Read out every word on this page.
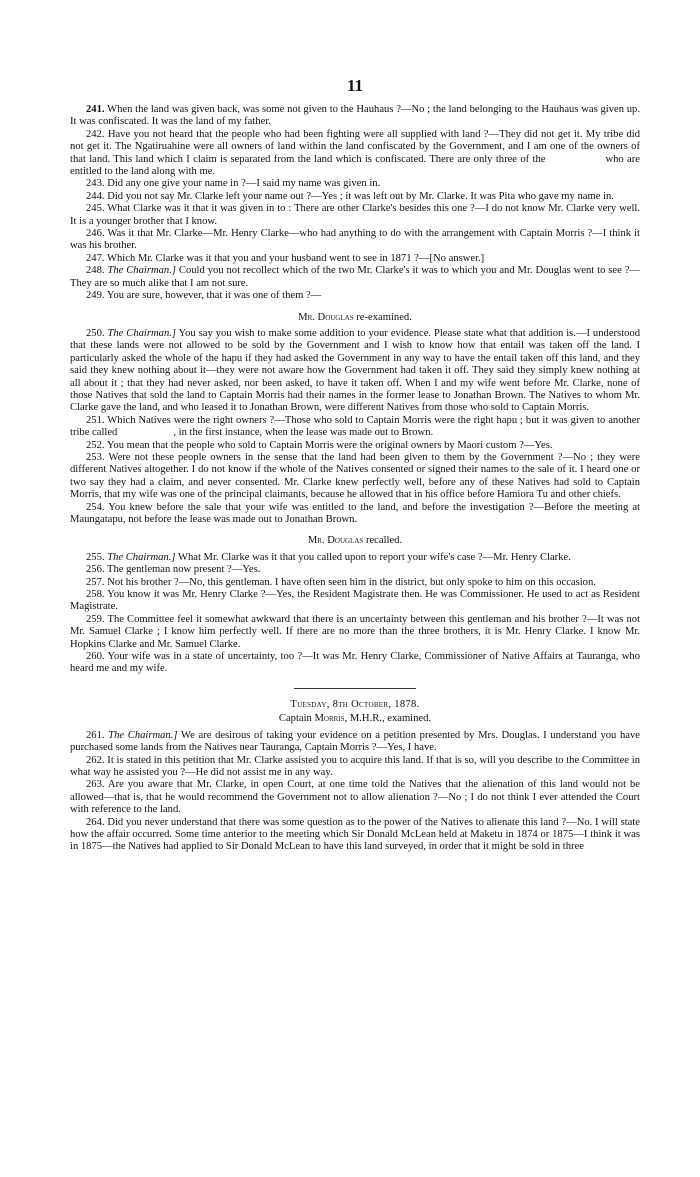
11

241. When the land was given back, was some not given to the Hauhaus ?—No ; the land belonging to the Hauhaus was given up. It was confiscated. It was the land of my father.

242. Have you not heard that the people who had been fighting were all supplied with land ?—They did not get it. My tribe did not get it. The Ngatiruahine were all owners of land within the land confiscated by the Government, and I am one of the owners of that land. This land which I claim is separated from the land which is confiscated. There are only three of the	who are entitled to the land along with me.

243. Did any one give your name in ?—I said my name was given in.

244. Did you not say Mr. Clarke left your name out ?—Yes ; it was left out by Mr. Clarke. It was Pita who gave my name in.

245. What Clarke was it that it was given in to : There are other Clarke's besides this one ?—I do not know Mr. Clarke very well. It is a younger brother that I know.

246. Was it that Mr. Clarke—Mr. Henry Clarke—who had anything to do with the arrangement with Captain Morris ?—I think it was his brother.

247. Which Mr. Clarke was it that you and your husband went to see in 1871 ?—[No answer.]

248. The Chairman.] Could you not recollect which of the two Mr. Clarke's it was to which you and Mr. Douglas went to see ?—They are so much alike that I am not sure.

249. You are sure, however, that it was one of them ?—

Mr. Douglas re-examined.

250. The Chairman.] You say you wish to make some addition to your evidence. Please state what that addition is.—I understood that these lands were not allowed to be sold by the Government and I wish to know how that entail was taken off the land. I particularly asked the whole of the hapu if they had asked the Government in any way to have the entail taken off this land, and they said they knew nothing about it—they were not aware how the Government had taken it off. They said they simply knew nothing at all about it ; that they had never asked, nor been asked, to have it taken off. When I and my wife went before Mr. Clarke, none of those Natives that sold the land to Captain Morris had their names in the former lease to Jonathan Brown. The Natives to whom Mr. Clarke gave the land, and who leased it to Jonathan Brown, were different Natives from those who sold to Captain Morris.

251. Which Natives were the right owners ?—Those who sold to Captain Morris were the right hapu ; but it was given to another tribe called	, in the first instance, when the lease was made out to Brown.

252. You mean that the people who sold to Captain Morris were the original owners by Maori custom ?—Yes.

253. Were not these people owners in the sense that the land had been given to them by the Government ?—No ; they were different Natives altogether. I do not know if the whole of the Natives consented or signed their names to the sale of it. I heard one or two say they had a claim, and never consented. Mr. Clarke knew perfectly well, before any of these Natives had sold to Captain Morris, that my wife was one of the principal claimants, because he allowed that in his office before Hamiora Tu and other chiefs.

254. You knew before the sale that your wife was entitled to the land, and before the investigation ?—Before the meeting at Maungatapu, not before the lease was made out to Jonathan Brown.

Mr. Douglas recalled.

255. The Chairman.] What Mr. Clarke was it that you called upon to report your wife's case ?—Mr. Henry Clarke.

256. The gentleman now present ?—Yes.

257. Not his brother ?—No, this gentleman. I have often seen him in the district, but only spoke to him on this occasion.

258. You know it was Mr. Henry Clarke ?—Yes, the Resident Magistrate then. He was Commissioner. He used to act as Resident Magistrate.

259. The Committee feel it somewhat awkward that there is an uncertainty between this gentleman and his brother ?—It was not Mr. Samuel Clarke ; I know him perfectly well. If there are no more than the three brothers, it is Mr. Henry Clarke. I know Mr. Hopkins Clarke and Mr. Samuel Clarke.

260. Your wife was in a state of uncertainty, too ?—It was Mr. Henry Clarke, Commissioner of Native Affairs at Tauranga, who heard me and my wife.

Tuesday, 8th October, 1878.
Captain Morris, M.H.R., examined.

261. The Chairman.] We are desirous of taking your evidence on a petition presented by Mrs. Douglas. I understand you have purchased some lands from the Natives near Tauranga, Captain Morris ?—Yes, I have.

262. It is stated in this petition that Mr. Clarke assisted you to acquire this land. If that is so, will you describe to the Committee in what way he assisted you ?—He did not assist me in any way.

263. Are you aware that Mr. Clarke, in open Court, at one time told the Natives that the alienation of this land would not be allowed—that is, that he would recommend the Government not to allow alienation ?—No ; I do not think I ever attended the Court with reference to the land.

264. Did you never understand that there was some question as to the power of the Natives to alienate this land ?—No. I will state how the affair occurred. Some time anterior to the meeting which Sir Donald McLean held at Maketu in 1874 or 1875—I think it was in 1875—the Natives had applied to Sir Donald McLean to have this land surveyed, in order that it might be sold in three
